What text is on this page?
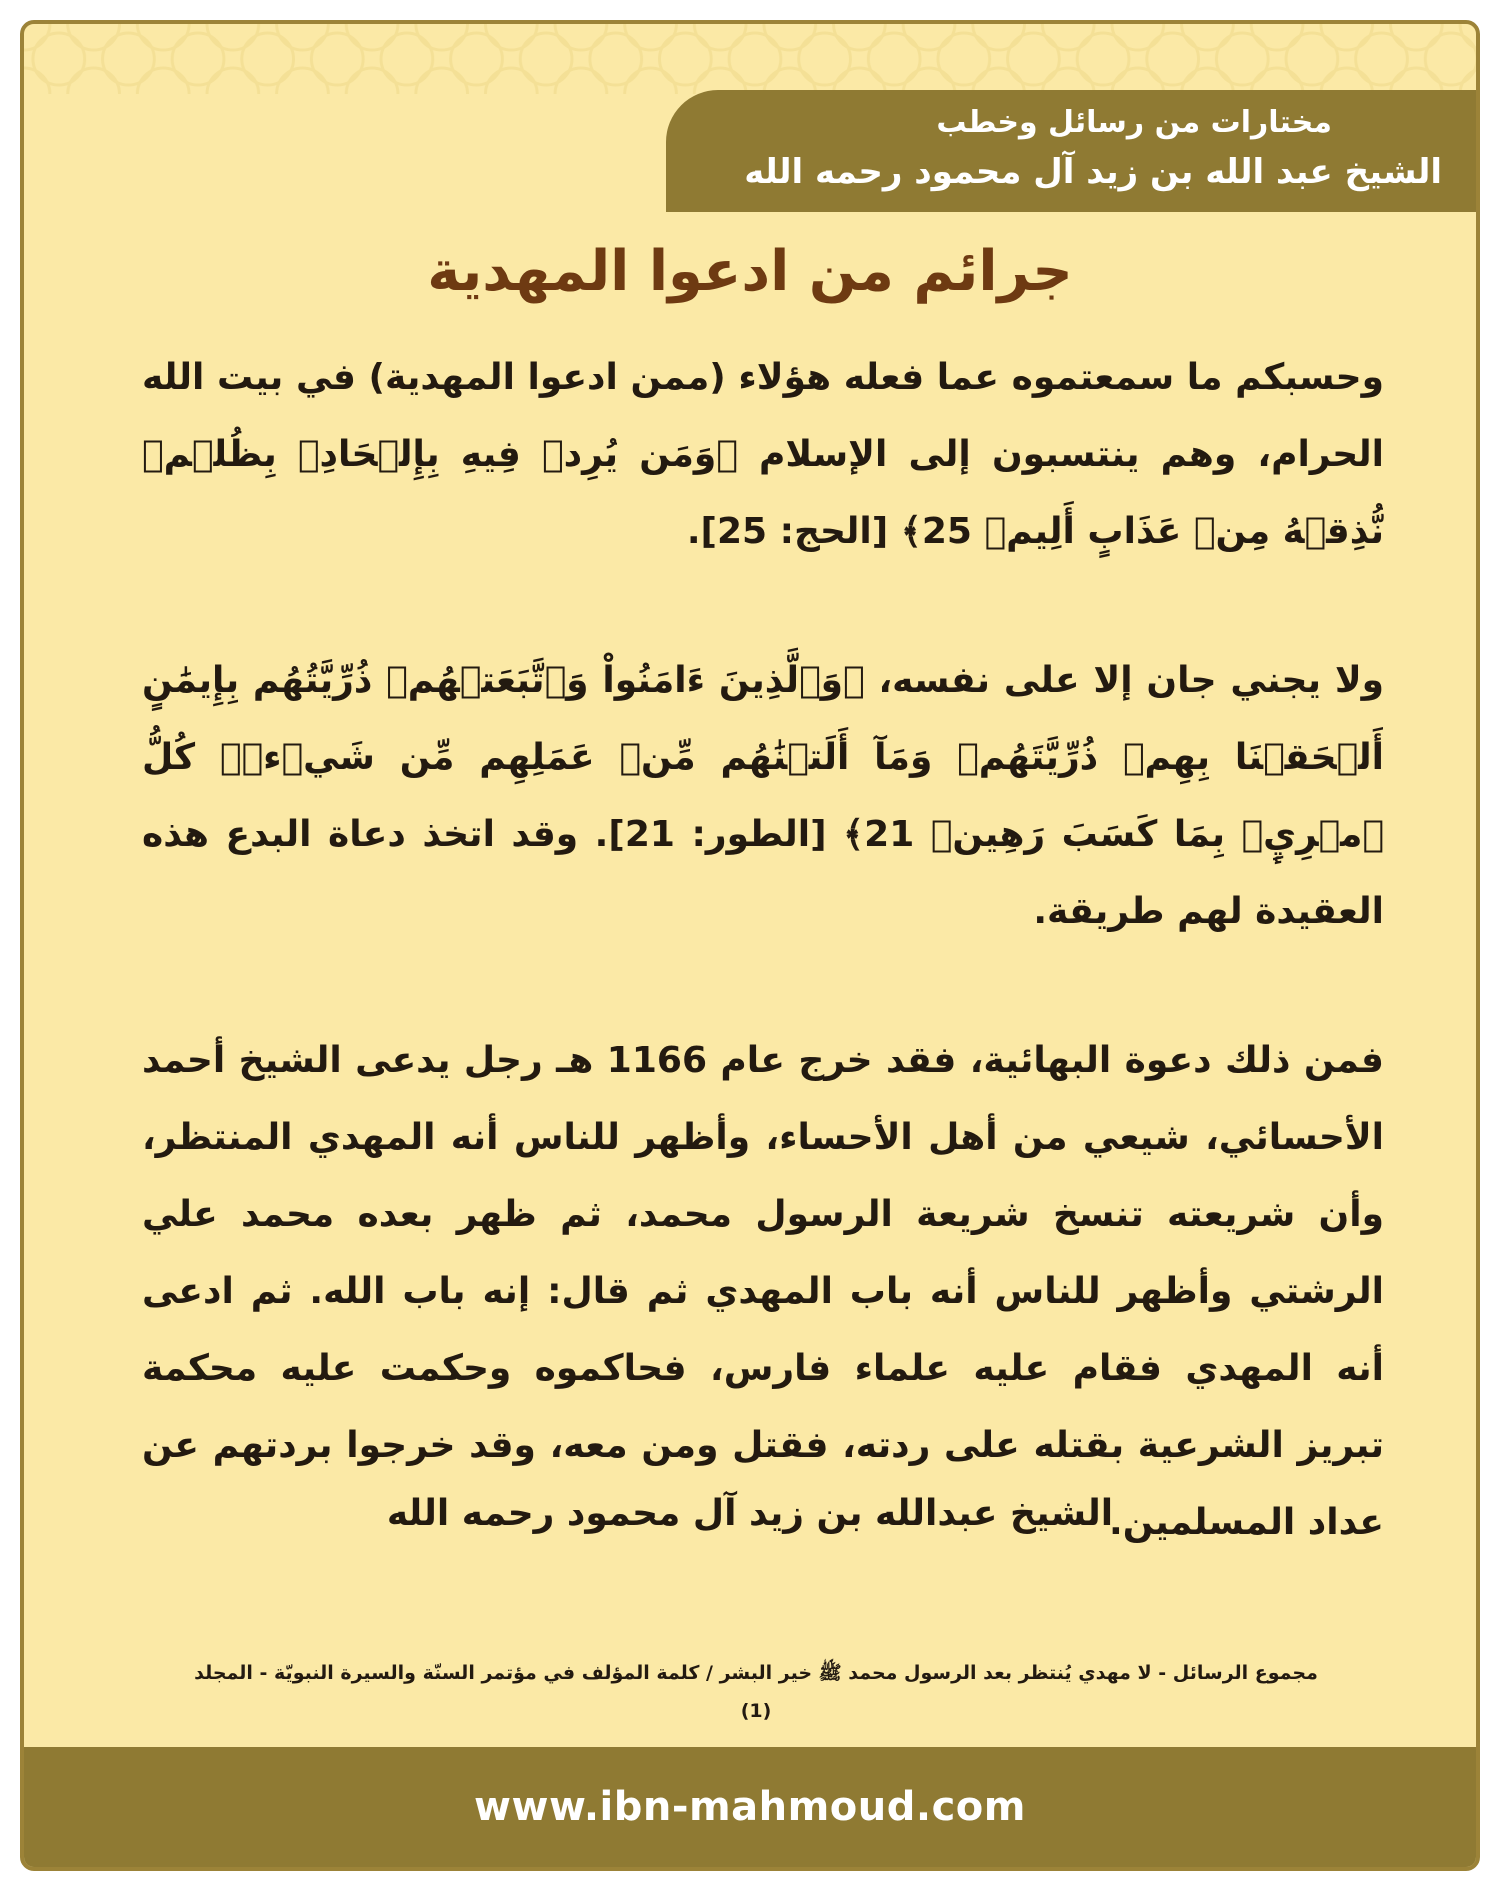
مختارات من رسائل وخطب
الشيخ عبد الله بن زيد آل محمود رحمه الله
جرائم من ادعوا المهدية

وحسبكم ما سمعتموه عما فعله هؤلاء (ممن ادعوا المهدية) في بيت الله الحرام، وهم ينتسبون إلى الإسلام ﴿وَمَن يُرِدۡ فِيهِ بِإِلۡحَادِۭ بِظُلۡمٖ نُّذِقۡهُ مِنۡ عَذَابٍ أَلِيمٖ 25﴾ [الحج: 25].

ولا يجني جان إلا على نفسه، ﴿وَٱلَّذِينَ ءَامَنُواْ وَٱتَّبَعَتۡهُمۡ ذُرِّيَّتُهُم بِإِيمَٰنٍ أَلۡحَقۡنَا بِهِمۡ ذُرِّيَّتَهُمۡ وَمَآ أَلَتۡنَٰهُم مِّنۡ عَمَلِهِم مِّن شَيۡءٖۚ كُلُّ ٱمۡرِيِٕۭ بِمَا كَسَبَ رَهِينٞ 21﴾ [الطور: 21]. وقد اتخذ دعاة البدع هذه العقيدة لهم طريقة.

فمن ذلك دعوة البهائية، فقد خرج عام 1166 هـ رجل يدعى الشيخ أحمد الأحسائي، شيعي من أهل الأحساء، وأظهر للناس أنه المهدي المنتظر، وأن شريعته تنسخ شريعة الرسول محمد، ثم ظهر بعده محمد علي الرشتي وأظهر للناس أنه باب المهدي ثم قال: إنه باب الله. ثم ادعى أنه المهدي فقام عليه علماء فارس، فحاكموه وحكمت عليه محكمة تبريز الشرعية بقتله على ردته، فقتل ومن معه، وقد خرجوا بردتهم عن عداد المسلمين.

الشيخ عبدالله بن زيد آل محمود رحمه الله
مجموع الرسائل - لا مهدي يُنتظر بعد الرسول محمد ﷺ خير البشر / كلمة المؤلف في مؤتمر السنّة والسيرة النبويّة - المجلد
(1)
www.ibn-mahmoud.com
